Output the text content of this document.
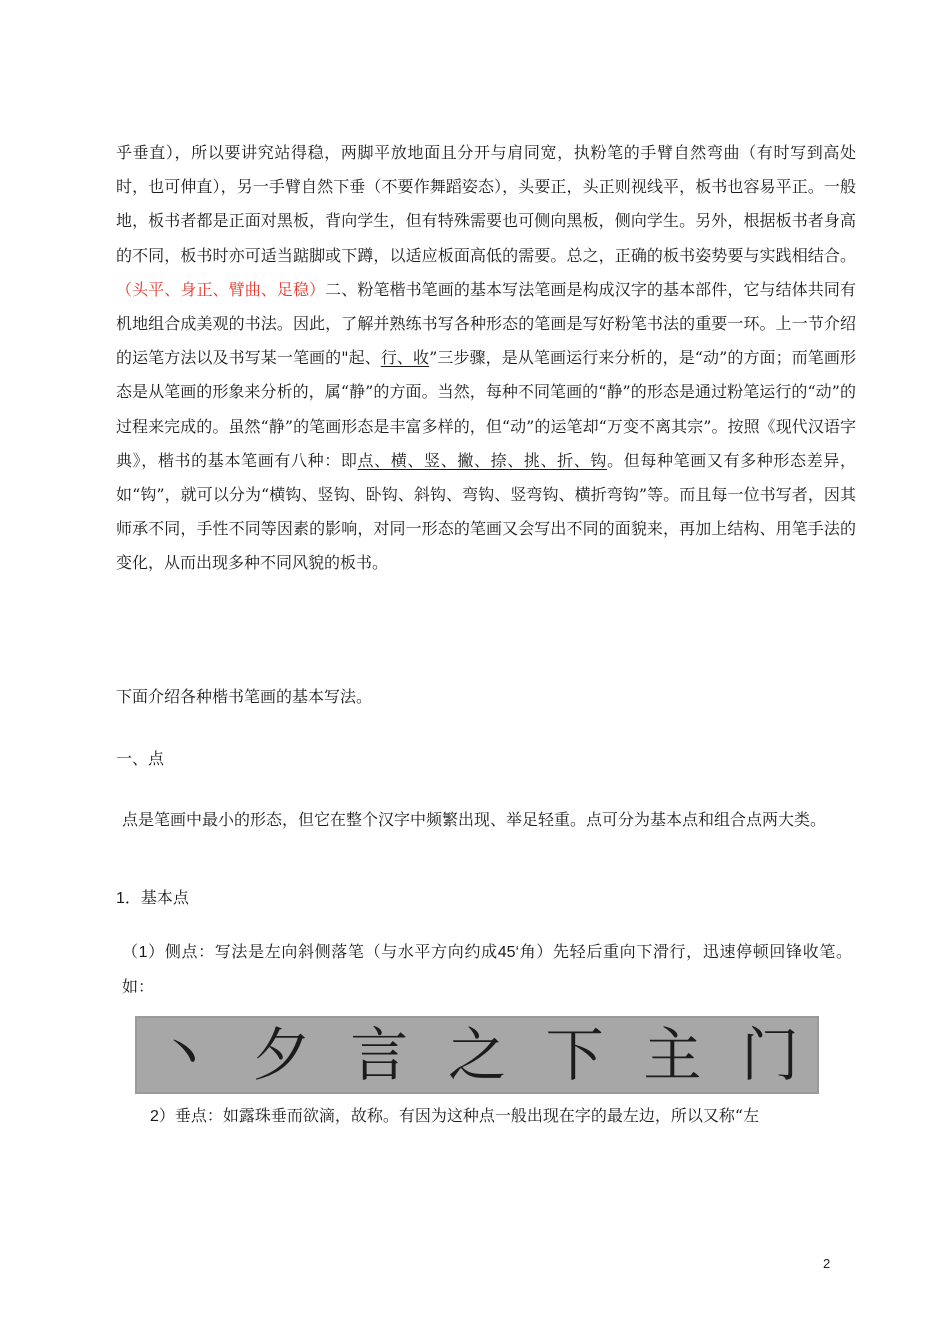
乎垂直），所以要讲究站得稳，两脚平放地面且分开与肩同宽，执粉笔的手臂自然弯曲（有时写到高处时，也可伸直），另一手臂自然下垂（不要作舞蹈姿态），头要正，头正则视线平，板书也容易平正。一般地，板书者都是正面对黑板，背向学生，但有特殊需要也可侧向黑板，侧向学生。另外，根据板书者身高的不同，板书时亦可适当踮脚或下蹲，以适应板面高低的需要。总之，正确的板书姿势要与实践相结合。（头平、身正、臂曲、足稳）二、粉笔楷书笔画的基本写法笔画是构成汉字的基本部件，它与结体共同有机地组合成美观的书法。因此，了解并熟练书写各种形态的笔画是写好粉笔书法的重要一环。上一节介绍的运笔方法以及书写某一笔画的"起、行、收”三步骤，是从笔画运行来分析的，是“动”的方面；而笔画形态是从笔画的形象来分析的，属“静”的方面。当然，每种不同笔画的“静”的形态是通过粉笔运行的“动”的过程来完成的。虽然“静”的笔画形态是丰富多样的，但“动”的运笔却“万变不离其宗”。按照《现代汉语字典》，楷书的基本笔画有八种：即点、横、竖、撇、捺、挑、折、钩。但每种笔画又有多种形态差异，如“钩”，就可以分为“横钩、竖钩、卧钩、斜钩、弯钩、竖弯钩、横折弯钩”等。而且每一位书写者，因其师承不同，手性不同等因素的影响，对同一形态的笔画又会写出不同的面貌来，再加上结构、用笔手法的变化，从而出现多种不同风貌的板书。

下面介绍各种楷书笔画的基本写法。

一、点

点是笔画中最小的形态，但它在整个汉字中频繁出现、举足轻重。点可分为基本点和组合点两大类。

1．基本点

（1）侧点：写法是左向斜侧落笔（与水平方向约成45‘角）先轻后重向下滑行，迅速停顿回锋收笔。如：

丶 夕 言 之 下 主 门

2）垂点：如露珠垂而欲滴，故称。有因为这种点一般出现在字的最左边，所以又称“左

2
